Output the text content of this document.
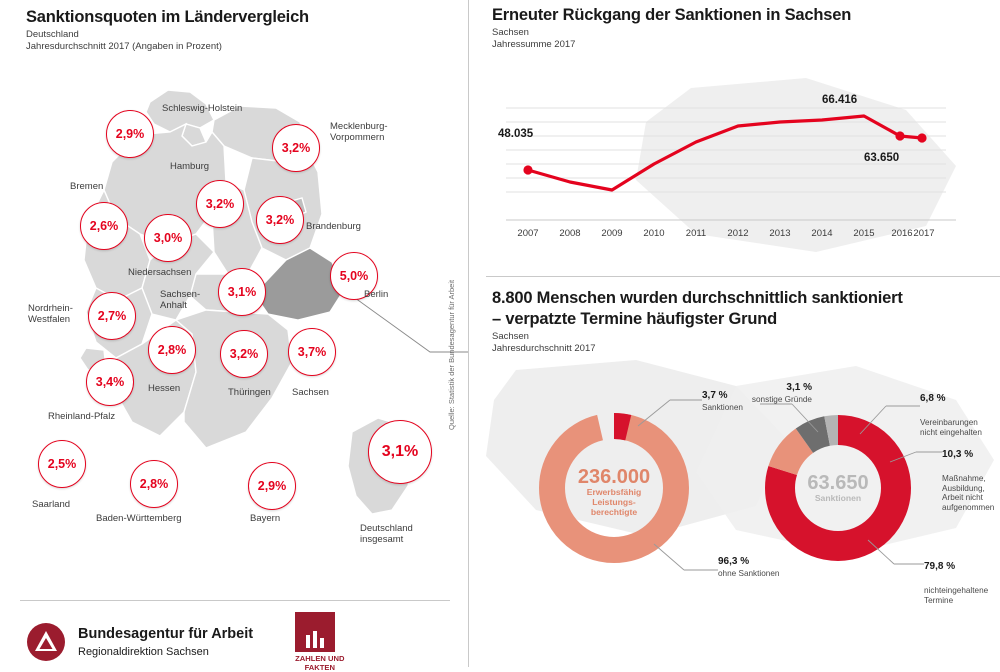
Sanktionsquoten im Ländervergleich
Deutschland
Jahresdurchschnitt 2017 (Angaben in Prozent)
2,9%
3,2%
3,2%
2,6%
3,0%
3,2%
5,0%
3,1%
2,7%
2,8%	3,2%	3,7%
3,4%
2,5%
2,8%	2,9%
3,1%
Schleswig-Holstein
Mecklenburg-
Vorpommern
Hamburg
Bremen
Niedersachsen
Brandenburg
Berlin
Sachsen-
Anhalt
Nordrhein-
Westfalen
Hessen	Thüringen Sachsen
Rheinland-Pfalz
Saarland
Baden-Württemberg	Bayern
Deutschland
insgesamt
Quelle: Statistik der Bundesagentur für Arbeit
Erneuter Rückgang der Sanktionen in Sachsen
Sachsen
Jahressumme 2017
48.035
66.416
63.650
2007	2008	2009	2010	2011	2012	2013	2014	2015	2016 2017
8.800 Menschen wurden durchschnittlich sanktioniert
– verpatzte Termine häufigster Grund
Sachsen
Jahresdurchschnitt 2017
236.000
Erwerbsfähig
Leistungs-
berechtigte
63.650
Sanktionen
3,7 %
Sanktionen
96,3 %
ohne Sanktionen
3,1 %
sonstige Gründe	6,8 %

Vereinbarungen
nicht eingehalten

10,3 %

Maßnahme,
Ausbildung,
Arbeit nicht
aufgenommen

79,8 %

nichteingehaltene
Termine

Bundesagentur für Arbeit
Regionaldirektion Sachsen
ZAHLEN UND
FAKTEN
